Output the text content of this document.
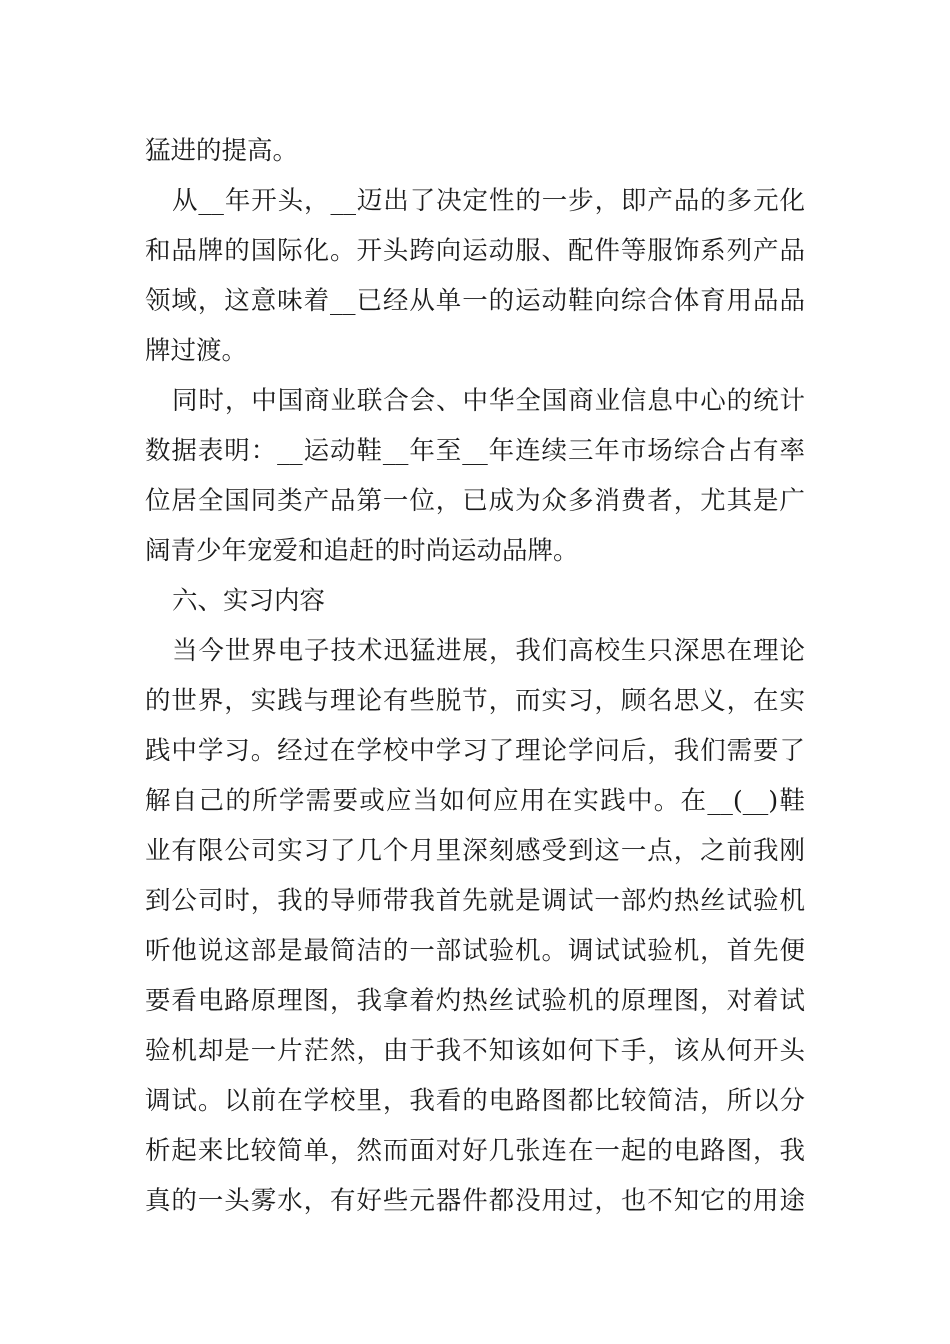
猛进的提高。
从__年开头，__迈出了决定性的一步，即产品的多元化
和品牌的国际化。开头跨向运动服、配件等服饰系列产品
领域，这意味着__已经从单一的运动鞋向综合体育用品品
牌过渡。
同时，中国商业联合会、中华全国商业信息中心的统计
数据表明：__运动鞋__年至__年连续三年市场综合占有率
位居全国同类产品第一位，已成为众多消费者，尤其是广
阔青少年宠爱和追赶的时尚运动品牌。
六、实习内容
当今世界电子技术迅猛进展，我们高校生只深思在理论
的世界，实践与理论有些脱节，而实习，顾名思义，在实
践中学习。经过在学校中学习了理论学问后，我们需要了
解自己的所学需要或应当如何应用在实践中。在__(__)鞋
业有限公司实习了几个月里深刻感受到这一点，之前我刚
到公司时，我的导师带我首先就是调试一部灼热丝试验机
听他说这部是最简洁的一部试验机。调试试验机，首先便
要看电路原理图，我拿着灼热丝试验机的原理图，对着试
验机却是一片茫然，由于我不知该如何下手，该从何开头
调试。以前在学校里，我看的电路图都比较简洁，所以分
析起来比较简单，然而面对好几张连在一起的电路图，我
真的一头雾水，有好些元器件都没用过，也不知它的用途
